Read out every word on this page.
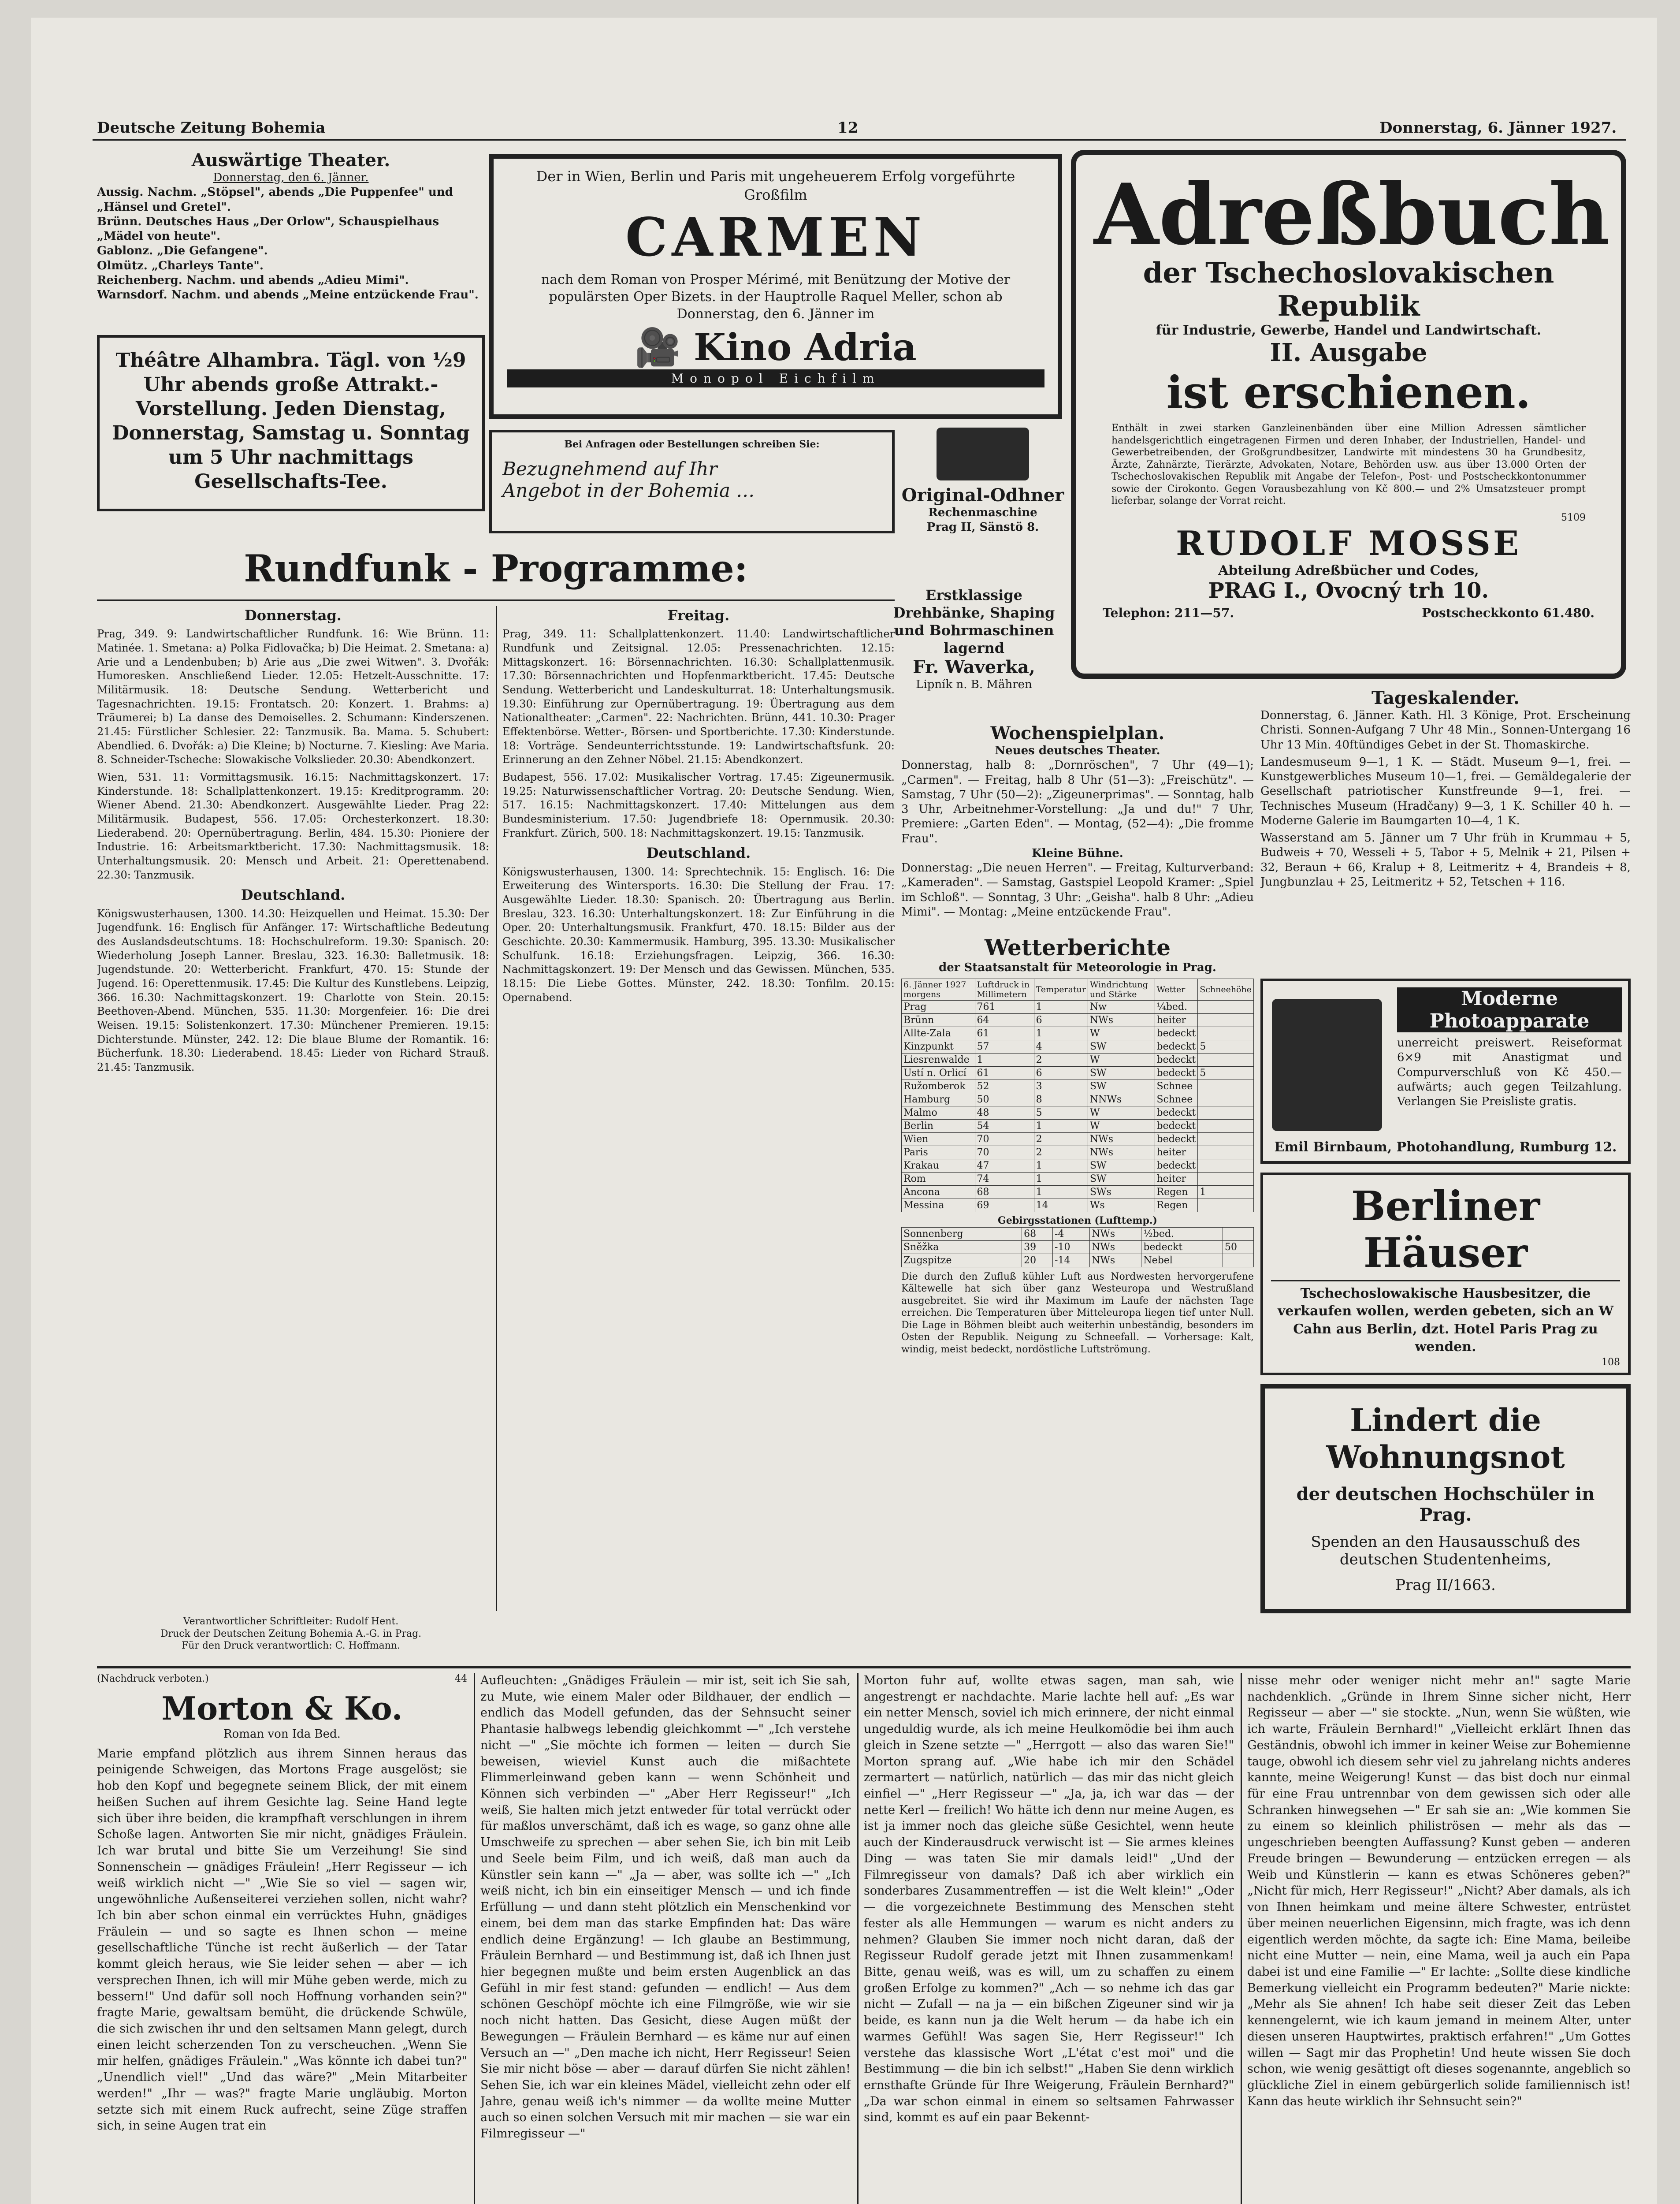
Deutsche Zeitung Bohemia	12	Donnerstag, 6. Jänner 1927.
Auswärtige Theater.
Donnerstag, den 6. Jänner.
Aussig. Nachm. „Stöpsel", abends „Die Puppenfee" und „Hänsel und Gretel".
Brünn. Deutsches Haus „Der Orlow", Schauspielhaus „Mädel von heute".
Gablonz. „Die Gefangene".
Olmütz. „Charleys Tante".
Reichenberg. Nachm. und abends „Adieu Mimi".
Warnsdorf. Nachm. und abends „Meine entzückende Frau".
Théâtre Alhambra. Tägl. von ½9 Uhr abends große Attrakt.-Vorstellung. Jeden Dienstag, Donnerstag, Samstag u. Sonntag um 5 Uhr nachmittags Gesellschafts-Tee.
Der in Wien, Berlin und Paris mit ungeheuerem Erfolg vorgeführte Großfilm
CARMEN
nach dem Roman von Prosper Mérimé, mit Benützung der Motive der populärsten Oper Bizets. in der Hauptrolle Raquel Meller, schon ab Donnerstag, den 6. Jänner im
🎥 Kino Adria
Monopol Eichfilm
Bei Anfragen oder Bestellungen schreiben Sie:
Bezugnehmend auf Ihr
Angebot in der Bohemia …	Original-Odhner
Rechenmaschine
Prag II, Sänstö 8.
Erstklassige Drehbänke, Shaping und Bohrmaschinen lagernd
Fr. Waverka,
Lipník n. B. Mähren
Adreßbuch
der Tschechoslovakischen Republik
für Industrie, Gewerbe, Handel und Landwirtschaft.
II. Ausgabe
ist erschienen.
Enthält in zwei starken Ganzleinenbänden über eine Million Adressen sämtlicher handelsgerichtlich eingetragenen Firmen und deren Inhaber, der Industriellen, Handel- und Gewerbetreibenden, der Großgrundbesitzer, Landwirte mit mindestens 30 ha Grundbesitz, Ärzte, Zahnärzte, Tierärzte, Advokaten, Notare, Behörden usw. aus über 13.000 Orten der Tschechoslovakischen Republik mit Angabe der Telefon-, Post- und Postscheckkontonummer sowie der Cirokonto. Gegen Vorausbezahlung von Kč 800.— und 2% Umsatzsteuer prompt lieferbar, solange der Vorrat reicht.
5109
RUDOLF MOSSE
Abteilung Adreßbücher und Codes,
PRAG I., Ovocný trh 10.
Telephon: 211—57.	Postscheckkonto 61.480.
Rundfunk - Programme:
Donnerstag.

Prag, 349. 9: Landwirtschaftlicher Rundfunk. 16: Wie Brünn. 11: Matinée. 1. Smetana: a) Polka Fidlovačka; b) Die Heimat. 2. Smetana: a) Arie und a Lendenbuben; b) Arie aus „Die zwei Witwen". 3. Dvořák: Humoresken. Anschließend Lieder. 12.05: Hetzelt-Ausschnitte. 17: Militärmusik. 18: Deutsche Sendung. Wetterbericht und Tagesnachrichten. 19.15: Frontatsch. 20: Konzert. 1. Brahms: a) Träumerei; b) La danse des Demoiselles. 2. Schumann: Kinderszenen. 21.45: Fürstlicher Schlesier. 22: Tanzmusik. Ba. Mama. 5. Schubert: Abendlied. 6. Dvořák: a) Die Kleine; b) Nocturne. 7. Kiesling: Ave Maria. 8. Schneider-Tscheche: Slowakische Volkslieder. 20.30: Abendkonzert.

Wien, 531. 11: Vormittagsmusik. 16.15: Nachmittagskonzert. 17: Kinderstunde. 18: Schallplattenkonzert. 19.15: Kreditprogramm. 20: Wiener Abend. 21.30: Abendkonzert. Ausgewählte Lieder. Prag 22: Militärmusik. Budapest, 556. 17.05: Orchesterkonzert. 18.30: Liederabend. 20: Opernübertragung. Berlin, 484. 15.30: Pioniere der Industrie. 16: Arbeitsmarktbericht. 17.30: Nachmittagsmusik. 18: Unterhaltungsmusik. 20: Mensch und Arbeit. 21: Operettenabend. 22.30: Tanzmusik.

Deutschland.

Königswusterhausen, 1300. 14.30: Heizquellen und Heimat. 15.30: Der Jugendfunk. 16: Englisch für Anfänger. 17: Wirtschaftliche Bedeutung des Auslandsdeutschtums. 18: Hochschulreform. 19.30: Spanisch. 20: Wiederholung Joseph Lanner. Breslau, 323. 16.30: Balletmusik. 18: Jugendstunde. 20: Wetterbericht. Frankfurt, 470. 15: Stunde der Jugend. 16: Operettenmusik. 17.45: Die Kultur des Kunstlebens. Leipzig, 366. 16.30: Nachmittagskonzert. 19: Charlotte von Stein. 20.15: Beethoven-Abend. München, 535. 11.30: Morgenfeier. 16: Die drei Weisen. 19.15: Solistenkonzert. 17.30: Münchener Premieren. 19.15: Dichterstunde. Münster, 242. 12: Die blaue Blume der Romantik. 16: Bücherfunk. 18.30: Liederabend. 18.45: Lieder von Richard Strauß. 21.45: Tanzmusik.

Freitag.

Prag, 349. 11: Schallplattenkonzert. 11.40: Landwirtschaftlicher Rundfunk und Zeitsignal. 12.05: Pressenachrichten. 12.15: Mittagskonzert. 16: Börsennachrichten. 16.30: Schallplattenmusik. 17.30: Börsennachrichten und Hopfenmarktbericht. 17.45: Deutsche Sendung. Wetterbericht und Landeskulturrat. 18: Unterhaltungsmusik. 19.30: Einführung zur Opernübertragung. 19: Übertragung aus dem Nationaltheater: „Carmen". 22: Nachrichten. Brünn, 441. 10.30: Prager Effektenbörse. Wetter-, Börsen- und Sportberichte. 17.30: Kinderstunde. 18: Vorträge. Sendeunterrichtsstunde. 19: Landwirtschaftsfunk. 20: Erinnerung an den Zehner Nöbel. 21.15: Abendkonzert.

Budapest, 556. 17.02: Musikalischer Vortrag. 17.45: Zigeunermusik. 19.25: Naturwissenschaftlicher Vortrag. 20: Deutsche Sendung. Wien, 517. 16.15: Nachmittagskonzert. 17.40: Mittelungen aus dem Bundesministerium. 17.50: Jugendbriefe 18: Opernmusik. 20.30: Frankfurt. Zürich, 500. 18: Nachmittagskonzert. 19.15: Tanzmusik.

Deutschland.

Königswusterhausen, 1300. 14: Sprechtechnik. 15: Englisch. 16: Die Erweiterung des Wintersports. 16.30: Die Stellung der Frau. 17: Ausgewählte Lieder. 18.30: Spanisch. 20: Übertragung aus Berlin. Breslau, 323. 16.30: Unterhaltungskonzert. 18: Zur Einführung in die Oper. 20: Unterhaltungsmusik. Frankfurt, 470. 18.15: Bilder aus der Geschichte. 20.30: Kammermusik. Hamburg, 395. 13.30: Musikalischer Schulfunk. 16.18: Erziehungsfragen. Leipzig, 366. 16.30: Nachmittagskonzert. 19: Der Mensch und das Gewissen. München, 535. 18.15: Die Liebe Gottes. Münster, 242. 18.30: Tonfilm. 20.15: Opernabend.

Verantwortlicher Schriftleiter: Rudolf Hent.
Druck der Deutschen Zeitung Bohemia A.-G. in Prag.
Für den Druck verantwortlich: C. Hoffmann.
Wochenspielplan.
Neues deutsches Theater.
Donnerstag, halb 8: „Dornröschen", 7 Uhr (49—1); „Carmen". — Freitag, halb 8 Uhr (51—3): „Freischütz". — Samstag, 7 Uhr (50—2): „Zigeunerprimas". — Sonntag, halb 3 Uhr, Arbeitnehmer-Vorstellung: „Ja und du!" 7 Uhr, Premiere: „Garten Eden". — Montag, (52—4): „Die fromme Frau".
Kleine Bühne.
Donnerstag: „Die neuen Herren". — Freitag, Kulturverband: „Kameraden". — Samstag, Gastspiel Leopold Kramer: „Spiel im Schloß". — Sonntag, 3 Uhr: „Geisha". halb 8 Uhr: „Adieu Mimi". — Montag: „Meine entzückende Frau".
Wetterberichte
der Staatsanstalt für Meteorologie in Prag.
6. Jänner 1927 morgens	Luftdruck in Millimetern	Temperatur	Windrichtung und Stärke	Wetter	Schneehöhe
Prag	761	1	Nw	¼bed.	
Brünn	64	6	NWs	heiter	
Allte-Zala	61	1	W	bedeckt	
Kinzpunkt	57	4	SW	bedeckt	5
Liesrenwalde	1	2	W	bedeckt	
Ustí n. Orlicí	61	6	SW	bedeckt	5
Ružomberok	52	3	SW	Schnee	
Hamburg	50	8	NNWs	Schnee	
Malmo	48	5	W	bedeckt	
Berlin	54	1	W	bedeckt	
Wien	70	2	NWs	bedeckt	
Paris	70	2	NWs	heiter	
Krakau	47	1	SW	bedeckt	
Rom	74	1	SW	heiter	
Ancona	68	1	SWs	Regen	1
Messina	69	14	Ws	Regen	
Gebirgsstationen (Lufttemp.)
Sonnenberg	68	-4	NWs	½bed.	
Sněžka	39	-10	NWs	bedeckt	50
Zugspitze	20	-14	NWs	Nebel	
Die durch den Zufluß kühler Luft aus Nordwesten hervorgerufene Kältewelle hat sich über ganz Westeuropa und Westrußland ausgebreitet. Sie wird ihr Maximum im Laufe der nächsten Tage erreichen. Die Temperaturen über Mitteleuropa liegen tief unter Null. Die Lage in Böhmen bleibt auch weiterhin unbeständig, besonders im Osten der Republik. Neigung zu Schneefall. — Vorhersage: Kalt, windig, meist bedeckt, nordöstliche Luftströmung.
Tageskalender.
Donnerstag, 6. Jänner. Kath. Hl. 3 Könige, Prot. Erscheinung Christi. Sonnen-Aufgang 7 Uhr 48 Min., Sonnen-Untergang 16 Uhr 13 Min. 40ftündiges Gebet in der St. Thomaskirche.
Landesmuseum 9—1, 1 K. — Städt. Museum 9—1, frei. — Kunstgewerbliches Museum 10—1, frei. — Gemäldegalerie der Gesellschaft patriotischer Kunstfreunde 9—1, frei. — Technisches Museum (Hradčany) 9—3, 1 K. Schiller 40 h. — Moderne Galerie im Baumgarten 10—4, 1 K.
Wasserstand am 5. Jänner um 7 Uhr früh in Krummau + 5, Budweis + 70, Wesseli + 5, Tabor + 5, Melnik + 21, Pilsen + 32, Beraun + 66, Kralup + 8, Leitmeritz + 4, Brandeis + 8, Jungbunzlau + 25, Leitmeritz + 52, Tetschen + 116.
Moderne Photoapparate
unerreicht preiswert. Reiseformat 6×9 mit Anastigmat und Compurverschluß von Kč 450.— aufwärts; auch gegen Teilzahlung. Verlangen Sie Preisliste gratis.
Emil Birnbaum, Photohandlung, Rumburg 12.
Berliner Häuser
Tschechoslowakische Hausbesitzer, die verkaufen wollen, werden gebeten, sich an W Cahn aus Berlin, dzt. Hotel Paris Prag zu wenden.
108
Lindert die Wohnungsnot
der deutschen Hochschüler in Prag.
Spenden an den Hausausschuß des deutschen Studentenheims,
Prag II/1663.
(Nachdruck verboten.)	44
Morton & Ko.
Roman von Ida Bed.
Marie empfand plötzlich aus ihrem Sinnen heraus das peinigende Schweigen, das Mortons Frage ausgelöst; sie hob den Kopf und begegnete seinem Blick, der mit einem heißen Suchen auf ihrem Gesichte lag. Seine Hand legte sich über ihre beiden, die krampfhaft verschlungen in ihrem Schoße lagen. Antworten Sie mir nicht, gnädiges Fräulein. Ich war brutal und bitte Sie um Verzeihung! Sie sind Sonnenschein — gnädiges Fräulein! „Herr Regisseur — ich weiß wirklich nicht —" „Wie Sie so viel — sagen wir, ungewöhnliche Außenseiterei verziehen sollen, nicht wahr? Ich bin aber schon einmal ein verrücktes Huhn, gnädiges Fräulein — und so sagte es Ihnen schon — meine gesellschaftliche Tünche ist recht äußerlich — der Tatar kommt gleich heraus, wie Sie leider sehen — aber — ich versprechen Ihnen, ich will mir Mühe geben werde, mich zu bessern!" Und dafür soll noch Hoffnung vorhanden sein?" fragte Marie, gewaltsam bemüht, die drückende Schwüle, die sich zwischen ihr und den seltsamen Mann gelegt, durch einen leicht scherzenden Ton zu verscheuchen. „Wenn Sie mir helfen, gnädiges Fräulein." „Was könnte ich dabei tun?" „Unendlich viel!" „Und das wäre?" „Mein Mitarbeiter werden!" „Ihr — was?" fragte Marie ungläubig. Morton setzte sich mit einem Ruck aufrecht, seine Züge straffen sich, in seine Augen trat ein
Aufleuchten: „Gnädiges Fräulein — mir ist, seit ich Sie sah, zu Mute, wie einem Maler oder Bildhauer, der endlich — endlich das Modell gefunden, das der Sehnsucht seiner Phantasie halbwegs lebendig gleichkommt —" „Ich verstehe nicht —" „Sie möchte ich formen — leiten — durch Sie beweisen, wieviel Kunst auch die mißachtete Flimmerleinwand geben kann — wenn Schönheit und Können sich verbinden —" „Aber Herr Regisseur!" „Ich weiß, Sie halten mich jetzt entweder für total verrückt oder für maßlos unverschämt, daß ich es wage, so ganz ohne alle Umschweife zu sprechen — aber sehen Sie, ich bin mit Leib und Seele beim Film, und ich weiß, daß man auch da Künstler sein kann —" „Ja — aber, was sollte ich —" „Ich weiß nicht, ich bin ein einseitiger Mensch — und ich finde Erfüllung — und dann steht plötzlich ein Menschenkind vor einem, bei dem man das starke Empfinden hat: Das wäre endlich deine Ergänzung! — Ich glaube an Bestimmung, Fräulein Bernhard — und Bestimmung ist, daß ich Ihnen just hier begegnen mußte und beim ersten Augenblick an das Gefühl in mir fest stand: gefunden — endlich! — Aus dem schönen Geschöpf möchte ich eine Filmgröße, wie wir sie noch nicht hatten. Das Gesicht, diese Augen müßt der Bewegungen — Fräulein Bernhard — es käme nur auf einen Versuch an —" „Den mache ich nicht, Herr Regisseur! Seien Sie mir nicht böse — aber — darauf dürfen Sie nicht zählen! Sehen Sie, ich war ein kleines Mädel, vielleicht zehn oder elf Jahre, genau weiß ich's nimmer — da wollte meine Mutter auch so einen solchen Versuch mit mir machen — sie war ein Filmregisseur —"
Morton fuhr auf, wollte etwas sagen, man sah, wie angestrengt er nachdachte. Marie lachte hell auf: „Es war ein netter Mensch, soviel ich mich erinnere, der nicht einmal ungeduldig wurde, als ich meine Heulkomödie bei ihm auch gleich in Szene setzte —" „Herrgott — also das waren Sie!" Morton sprang auf. „Wie habe ich mir den Schädel zermartert — natürlich, natürlich — das mir das nicht gleich einfiel —" „Herr Regisseur —" „Ja, ja, ich war das — der nette Kerl — freilich! Wo hätte ich denn nur meine Augen, es ist ja immer noch das gleiche süße Gesichtel, wenn heute auch der Kinderausdruck verwischt ist — Sie armes kleines Ding — was taten Sie mir damals leid!" „Und der Filmregisseur von damals? Daß ich aber wirklich ein sonderbares Zusammentreffen — ist die Welt klein!" „Oder — die vorgezeichnete Bestimmung des Menschen steht fester als alle Hemmungen — warum es nicht anders zu nehmen? Glauben Sie immer noch nicht daran, daß der Regisseur Rudolf gerade jetzt mit Ihnen zusammenkam! Bitte, genau weiß, was es will, um zu schaffen zu einem großen Erfolge zu kommen?" „Ach — so nehme ich das gar nicht — Zufall — na ja — ein bißchen Zigeuner sind wir ja beide, es kann nun ja die Welt herum — da habe ich ein warmes Gefühl! Was sagen Sie, Herr Regisseur!" Ich verstehe das klassische Wort „L'état c'est moi" und die Bestimmung — die bin ich selbst!" „Haben Sie denn wirklich ernsthafte Gründe für Ihre Weigerung, Fräulein Bernhard?" „Da war schon einmal in einem so seltsamen Fahrwasser sind, kommt es auf ein paar Bekennt-
nisse mehr oder weniger nicht mehr an!" sagte Marie nachdenklich. „Gründe in Ihrem Sinne sicher nicht, Herr Regisseur — aber —" sie stockte. „Nun, wenn Sie wüßten, wie ich warte, Fräulein Bernhard!" „Vielleicht erklärt Ihnen das Geständnis, obwohl ich immer in keiner Weise zur Bohemienne tauge, obwohl ich diesem sehr viel zu jahrelang nichts anderes kannte, meine Weigerung! Kunst — das bist doch nur einmal für eine Frau untrennbar von dem gewissen sich oder alle Schranken hinwegsehen —" Er sah sie an: „Wie kommen Sie zu einem so kleinlich philiströsen — mehr als das — ungeschrieben beengten Auffassung? Kunst geben — anderen Freude bringen — Bewunderung — entzücken erregen — als Weib und Künstlerin — kann es etwas Schöneres geben?" „Nicht für mich, Herr Regisseur!" „Nicht? Aber damals, als ich von Ihnen heimkam und meine ältere Schwester, entrüstet über meinen neuerlichen Eigensinn, mich fragte, was ich denn eigentlich werden möchte, da sagte ich: Eine Mama, beileibe nicht eine Mutter — nein, eine Mama, weil ja auch ein Papa dabei ist und eine Familie —" Er lachte: „Sollte diese kindliche Bemerkung vielleicht ein Programm bedeuten?" Marie nickte: „Mehr als Sie ahnen! Ich habe seit dieser Zeit das Leben kennengelernt, wie ich kaum jemand in meinem Alter, unter diesen unseren Hauptwirtes, praktisch erfahren!" „Um Gottes willen — Sagt mir das Prophetin! Und heute wissen Sie doch schon, wie wenig gesättigt oft dieses sogenannte, angeblich so glückliche Ziel in einem gebürgerlich solide familiennisch ist! Kann das heute wirklich ihr Sehnsucht sein?"
